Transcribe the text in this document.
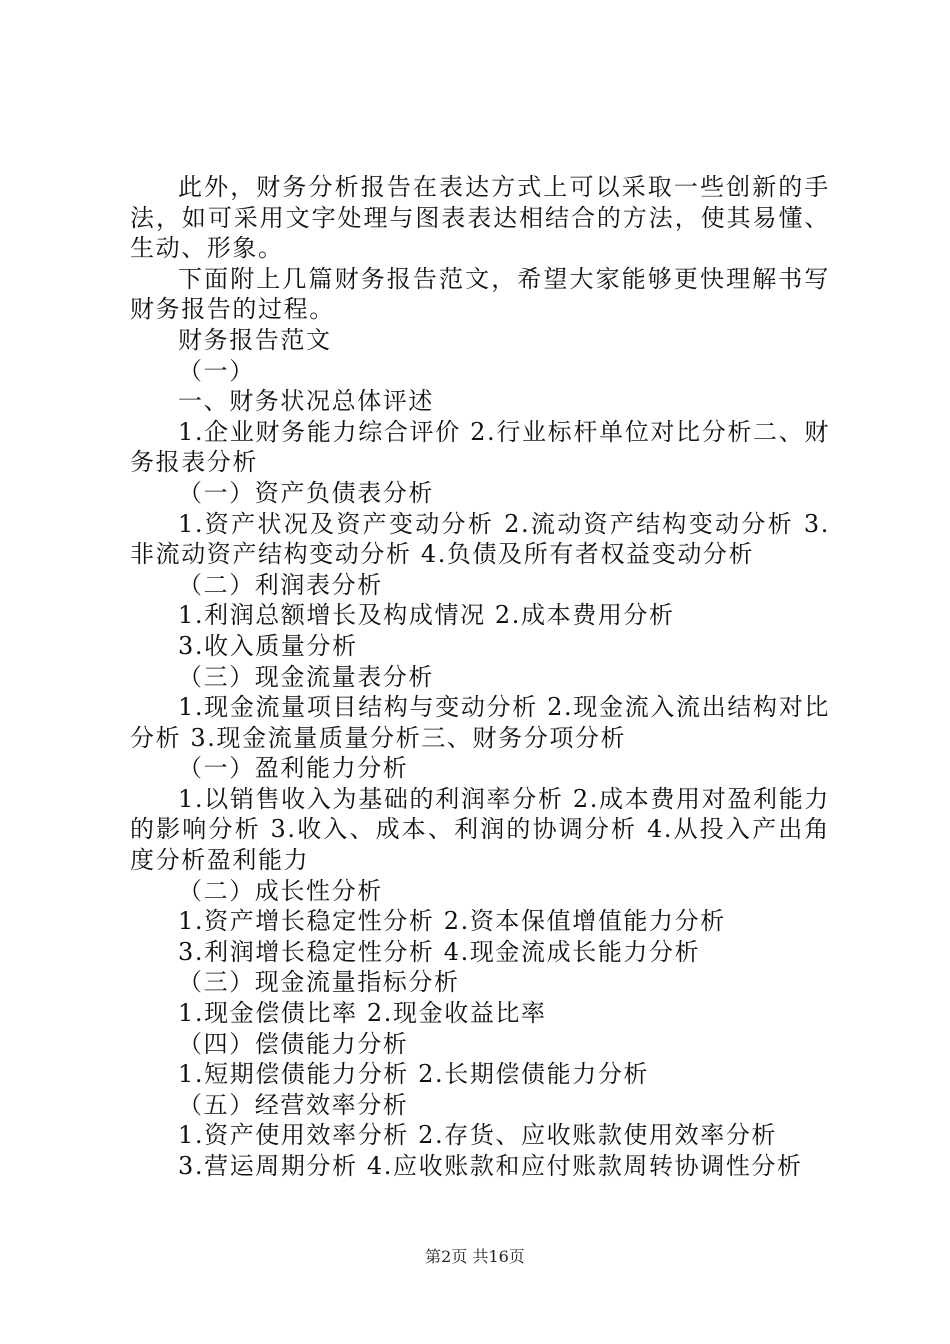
此外，财务分析报告在表达方式上可以采取一些创新的手法，如可采用文字处理与图表表达相结合的方法，使其易懂、生动、形象。

下面附上几篇财务报告范文，希望大家能够更快理解书写财务报告的过程。

财务报告范文

（一）

一、财务状况总体评述

1.企业财务能力综合评价 2.行业标杆单位对比分析二、财务报表分析

（一）资产负债表分析

1.资产状况及资产变动分析 2.流动资产结构变动分析 3.非流动资产结构变动分析 4.负债及所有者权益变动分析

（二）利润表分析

1.利润总额增长及构成情况 2.成本费用分析

3.收入质量分析

（三）现金流量表分析

1.现金流量项目结构与变动分析 2.现金流入流出结构对比分析 3.现金流量质量分析三、财务分项分析

（一）盈利能力分析

1.以销售收入为基础的利润率分析 2.成本费用对盈利能力的影响分析 3.收入、成本、利润的协调分析 4.从投入产出角度分析盈利能力

（二）成长性分析

1.资产增长稳定性分析 2.资本保值增值能力分析

3.利润增长稳定性分析 4.现金流成长能力分析

（三）现金流量指标分析

1.现金偿债比率 2.现金收益比率

（四）偿债能力分析

1.短期偿债能力分析 2.长期偿债能力分析

（五）经营效率分析

1.资产使用效率分析 2.存货、应收账款使用效率分析

3.营运周期分析 4.应收账款和应付账款周转协调性分析

第2页 共16页
